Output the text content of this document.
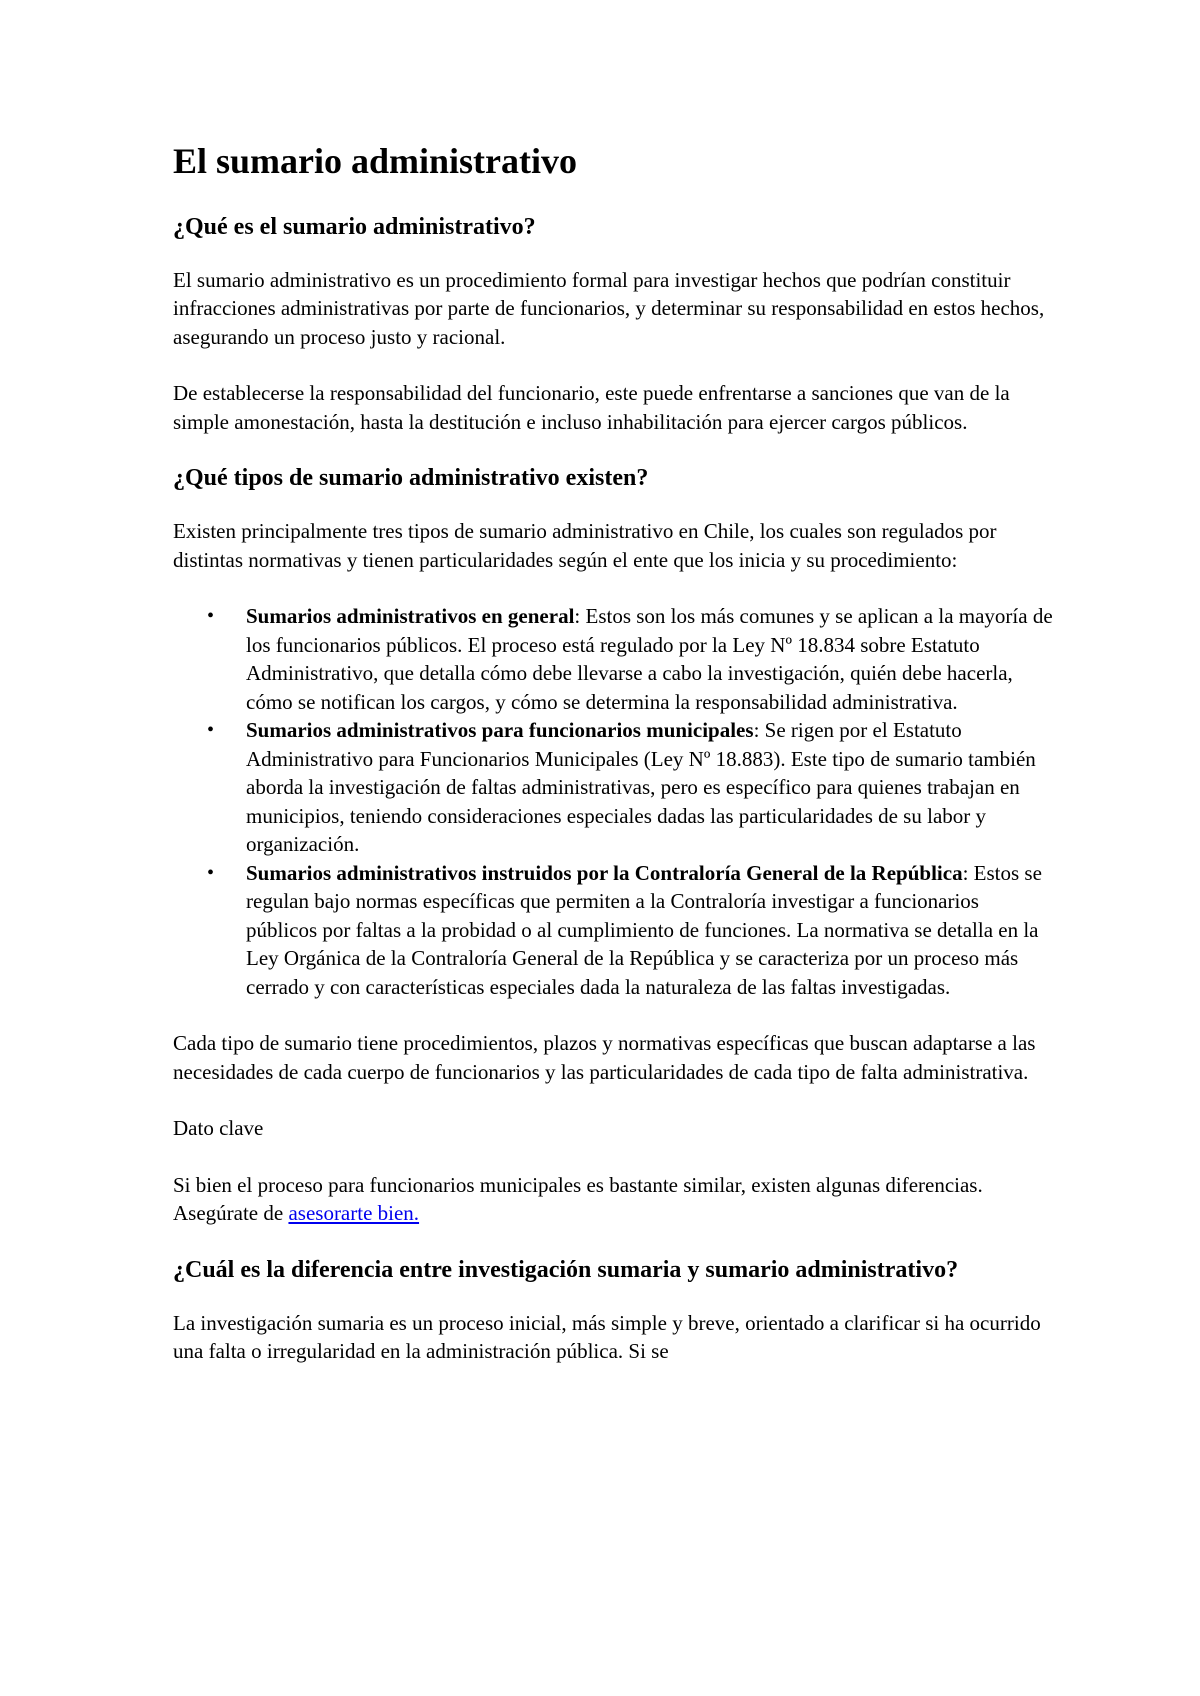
El sumario administrativo
¿Qué es el sumario administrativo?

El sumario administrativo es un procedimiento formal para investigar hechos que podrían constituir infracciones administrativas por parte de funcionarios, y determinar su responsabilidad en estos hechos, asegurando un proceso justo y racional.

De establecerse la responsabilidad del funcionario, este puede enfrentarse a sanciones que van de la simple amonestación, hasta la destitución e incluso inhabilitación para ejercer cargos públicos.

¿Qué tipos de sumario administrativo existen?

Existen principalmente tres tipos de sumario administrativo en Chile, los cuales son regulados por distintas normativas y tienen particularidades según el ente que los inicia y su procedimiento:

• Sumarios administrativos en general: Estos son los más comunes y se aplican a la mayoría de los funcionarios públicos. El proceso está regulado por la Ley Nº 18.834 sobre Estatuto Administrativo, que detalla cómo debe llevarse a cabo la investigación, quién debe hacerla, cómo se notifican los cargos, y cómo se determina la responsabilidad administrativa.
• Sumarios administrativos para funcionarios municipales: Se rigen por el Estatuto Administrativo para Funcionarios Municipales (Ley Nº 18.883). Este tipo de sumario también aborda la investigación de faltas administrativas, pero es específico para quienes trabajan en municipios, teniendo consideraciones especiales dadas las particularidades de su labor y organización.
• Sumarios administrativos instruidos por la Contraloría General de la República: Estos se regulan bajo normas específicas que permiten a la Contraloría investigar a funcionarios públicos por faltas a la probidad o al cumplimiento de funciones. La normativa se detalla en la Ley Orgánica de la Contraloría General de la República y se caracteriza por un proceso más cerrado y con características especiales dada la naturaleza de las faltas investigadas.

Cada tipo de sumario tiene procedimientos, plazos y normativas específicas que buscan adaptarse a las necesidades de cada cuerpo de funcionarios y las particularidades de cada tipo de falta administrativa.

Dato clave

Si bien el proceso para funcionarios municipales es bastante similar, existen algunas diferencias. Asegúrate de asesorarte bien.

¿Cuál es la diferencia entre investigación sumaria y sumario administrativo?

La investigación sumaria es un proceso inicial, más simple y breve, orientado a clarificar si ha ocurrido una falta o irregularidad en la administración pública. Si se
